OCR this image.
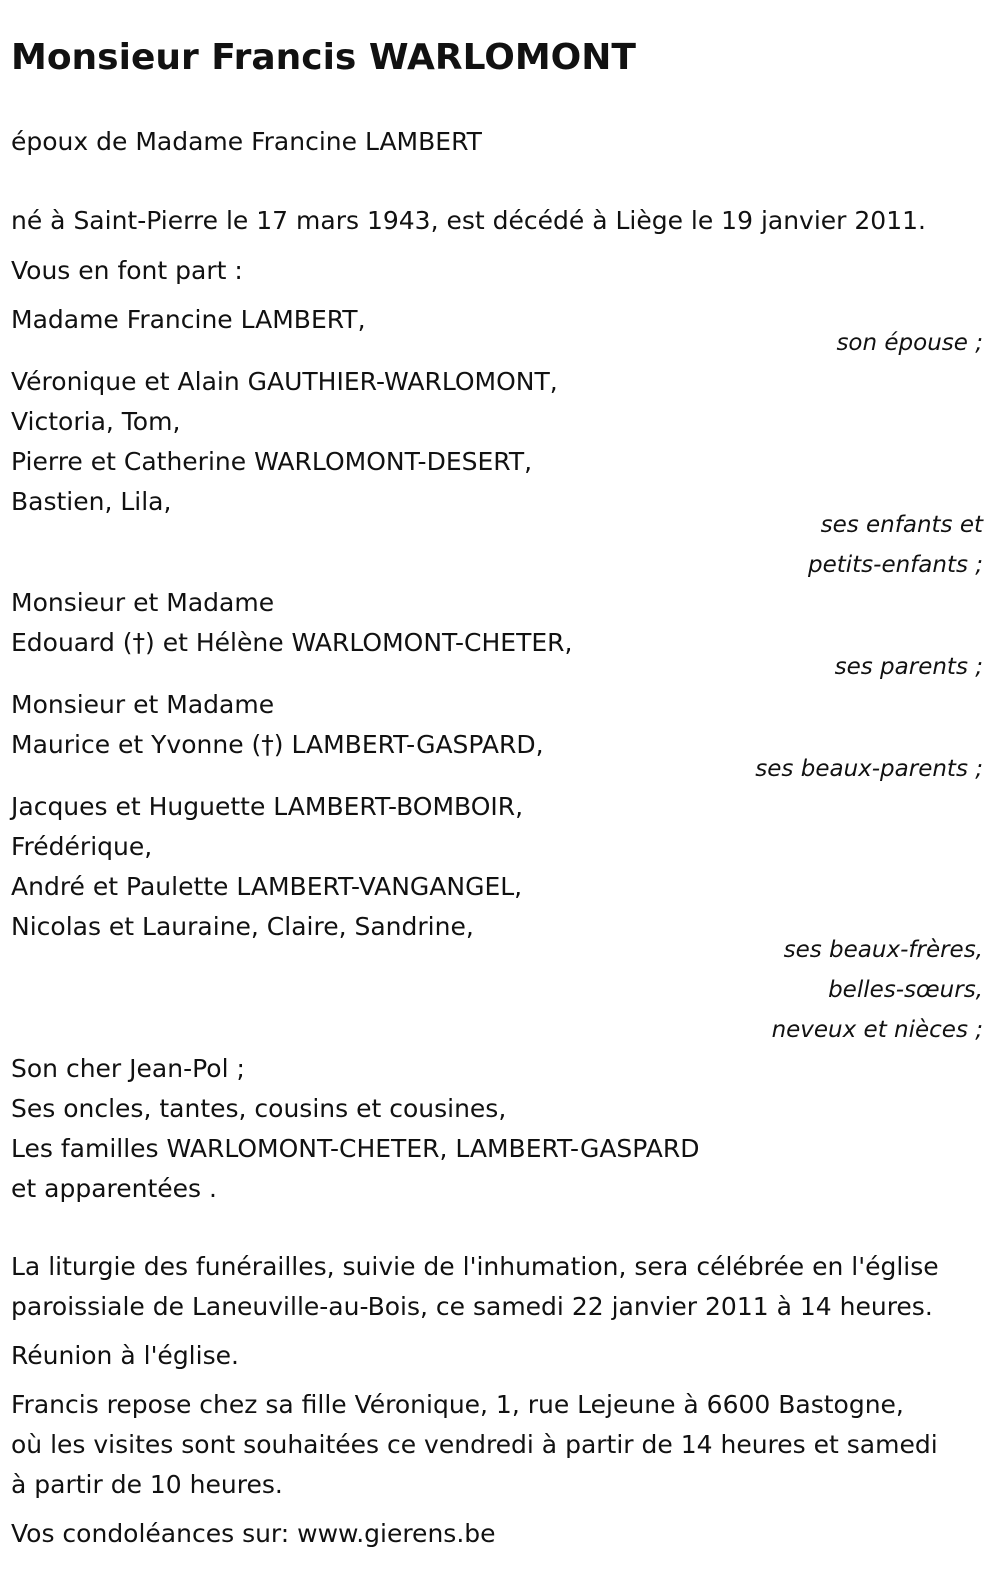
Monsieur Francis WARLOMONT
époux de Madame Francine LAMBERT
né à Saint-Pierre le 17 mars 1943, est décédé à Liège le 19 janvier 2011.
Vous en font part :
Madame Francine LAMBERT,
son épouse ;
Véronique et Alain GAUTHIER-WARLOMONT,
Victoria, Tom,
Pierre et Catherine WARLOMONT-DESERT,
Bastien, Lila,
ses enfants et
petits-enfants ;
Monsieur et Madame
Edouard (†) et Hélène WARLOMONT-CHETER,
ses parents ;
Monsieur et Madame
Maurice et Yvonne (†) LAMBERT-GASPARD,
ses beaux-parents ;
Jacques et Huguette LAMBERT-BOMBOIR,
Frédérique,
André et Paulette LAMBERT-VANGANGEL,
Nicolas et Lauraine, Claire, Sandrine,
ses beaux-frères,
belles-sœurs,
neveux et nièces ;
Son cher Jean-Pol ;
Ses oncles, tantes, cousins et cousines,
Les familles WARLOMONT-CHETER, LAMBERT-GASPARD
et apparentées .
La liturgie des funérailles, suivie de l'inhumation, sera célébrée en l'église
paroissiale de Laneuville-au-Bois, ce samedi 22 janvier 2011 à 14 heures.
Réunion à l'église.
Francis repose chez sa fille Véronique, 1, rue Lejeune à 6600 Bastogne,
où les visites sont souhaitées ce vendredi à partir de 14 heures et samedi
à partir de 10 heures.
Vos condoléances sur: www.gierens.be
